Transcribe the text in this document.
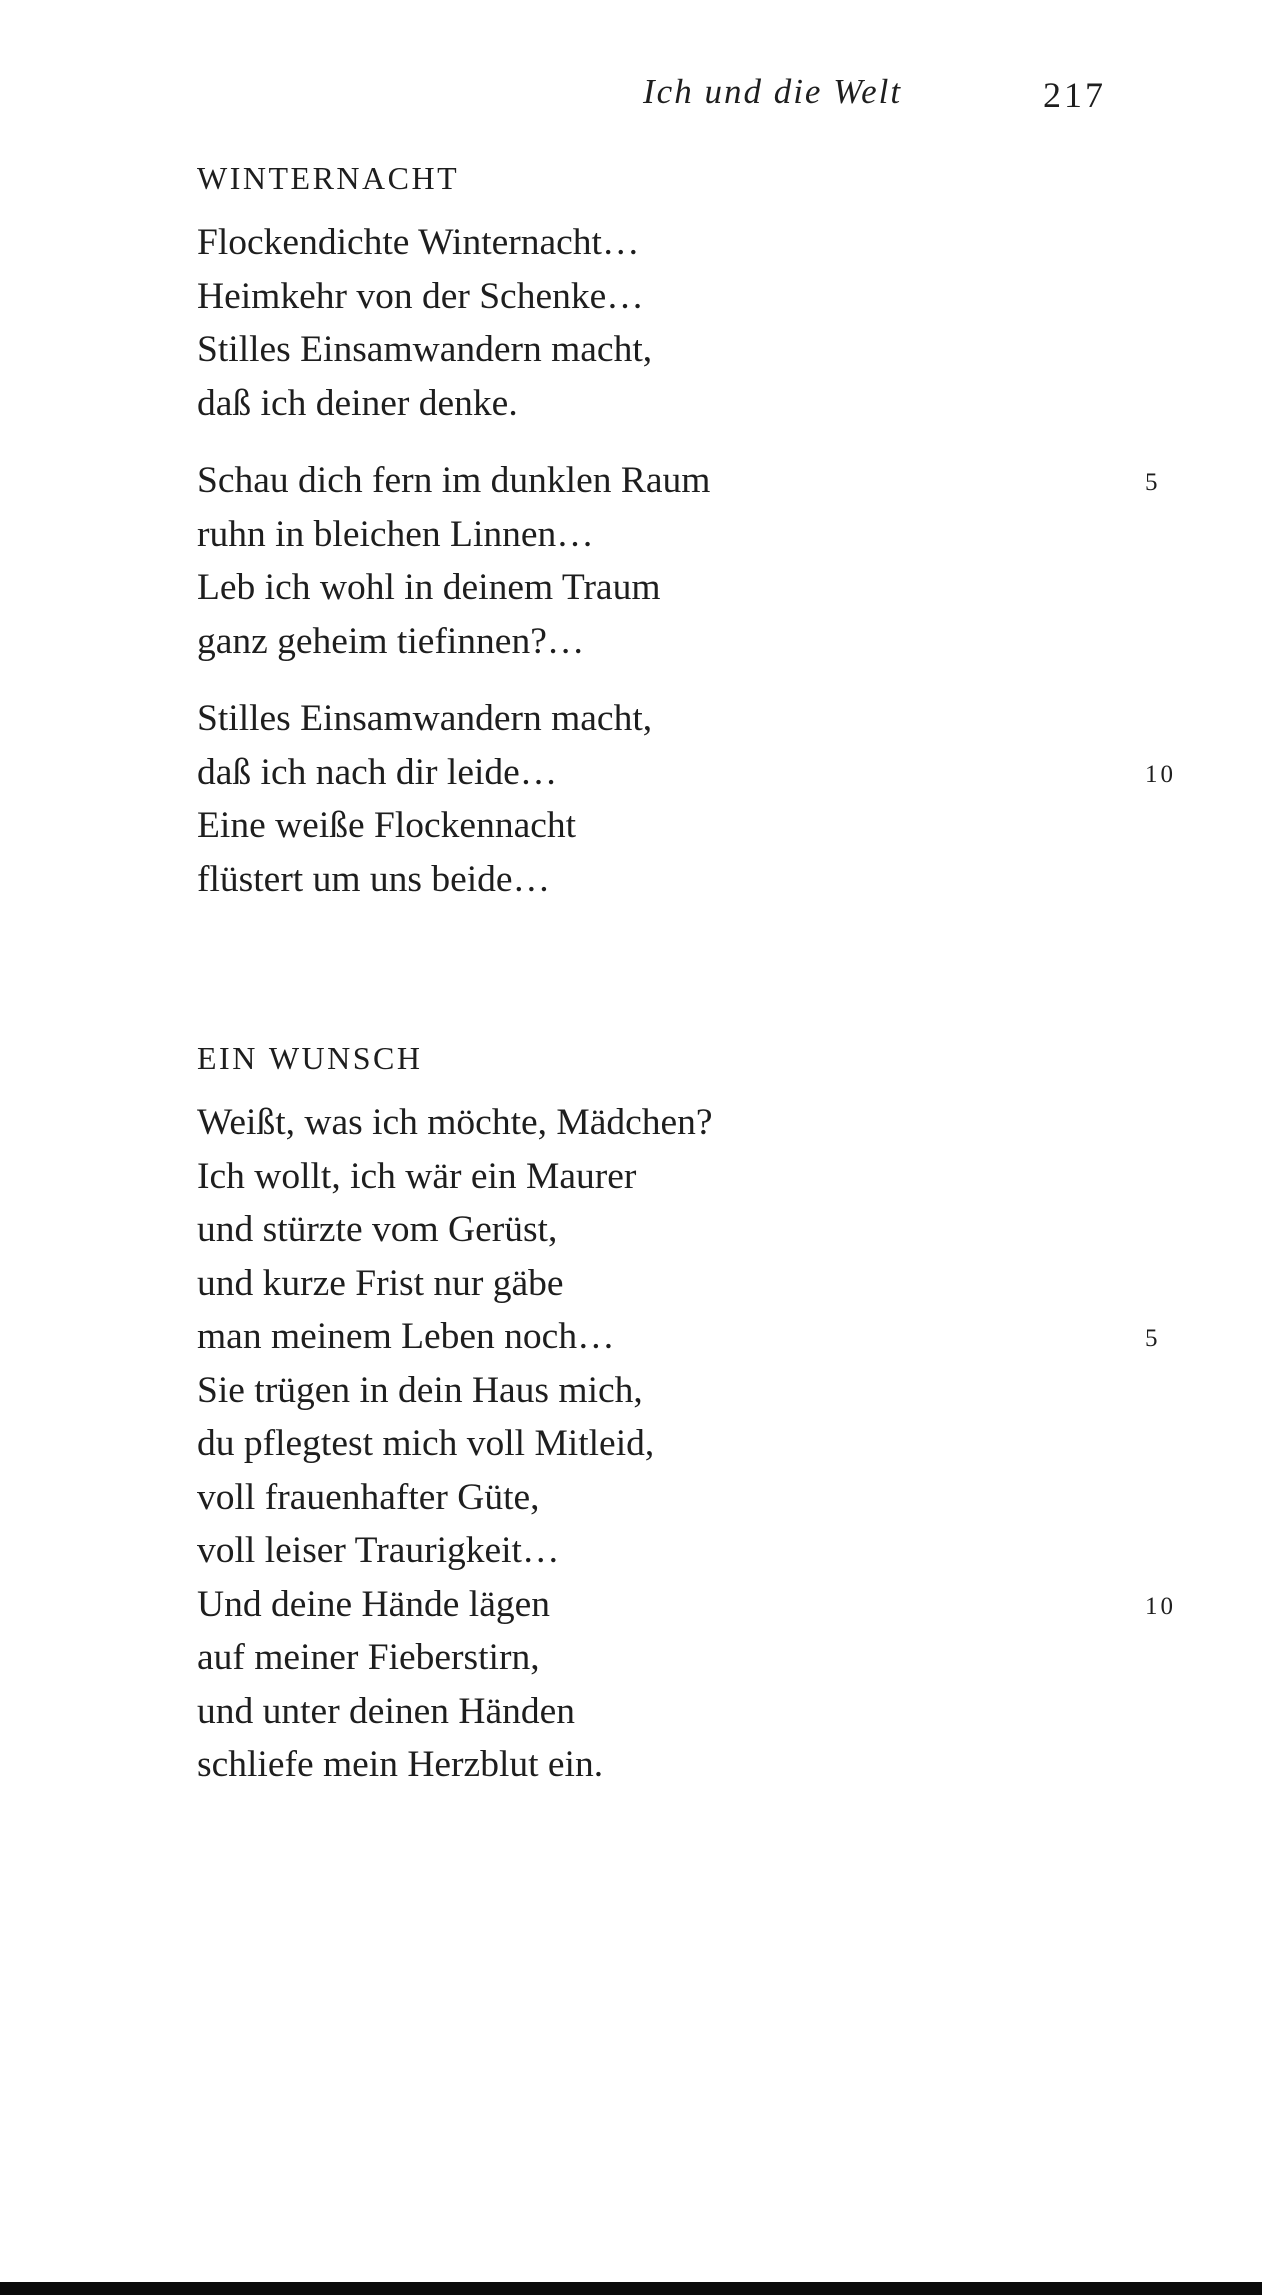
Ich und die Welt	217
WINTERNACHT
Flockendichte Winternacht…
Heimkehr von der Schenke…
Stilles Einsamwandern macht,
daß ich deiner denke.
Schau dich fern im dunklen Raum	5
ruhn in bleichen Linnen…
Leb ich wohl in deinem Traum
ganz geheim tiefinnen?…
Stilles Einsamwandern macht,
daß ich nach dir leide…	10
Eine weiße Flockennacht
flüstert um uns beide…
EIN WUNSCH
Weißt, was ich möchte, Mädchen?
Ich wollt, ich wär ein Maurer
und stürzte vom Gerüst,
und kurze Frist nur gäbe
man meinem Leben noch…	5
Sie trügen in dein Haus mich,
du pflegtest mich voll Mitleid,
voll frauenhafter Güte,
voll leiser Traurigkeit…
Und deine Hände lägen	10
auf meiner Fieberstirn,
und unter deinen Händen
schliefe mein Herzblut ein.
